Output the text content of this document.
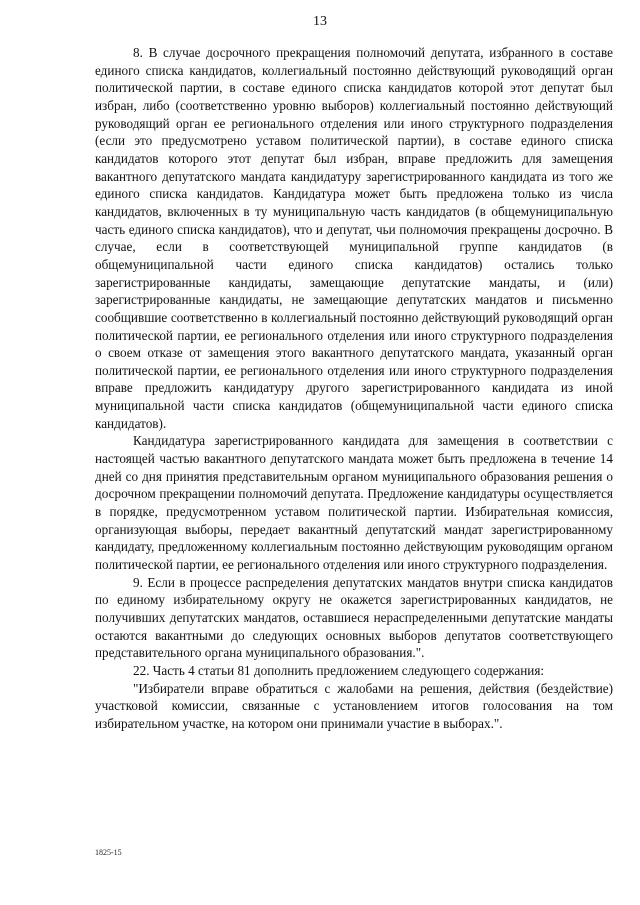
13

8. В случае досрочного прекращения полномочий депутата, избранного в составе единого списка кандидатов, коллегиальный постоянно действующий руководящий орган политической партии, в составе единого списка кандидатов которой этот депутат был избран, либо (соответственно уровню выборов) коллегиальный постоянно действующий руководящий орган ее регионального отделения или иного структурного подразделения (если это предусмотрено уставом политической партии), в составе единого списка кандидатов которого этот депутат был избран, вправе предложить для замещения вакантного депутатского мандата кандидатуру зарегистрированного кандидата из того же единого списка кандидатов. Кандидатура может быть предложена только из числа кандидатов, включенных в ту муниципальную часть кандидатов (в общемуниципальную часть единого списка кандидатов), что и депутат, чьи полномочия прекращены досрочно. В случае, если в соответствующей муниципальной группе кандидатов (в общемуниципальной части единого списка кандидатов) остались только зарегистрированные кандидаты, замещающие депутатские мандаты, и (или) зарегистрированные кандидаты, не замещающие депутатских мандатов и письменно сообщившие соответственно в коллегиальный постоянно действующий руководящий орган политической партии, ее регионального отделения или иного структурного подразделения о своем отказе от замещения этого вакантного депутатского мандата, указанный орган политической партии, ее регионального отделения или иного структурного подразделения вправе предложить кандидатуру другого зарегистрированного кандидата из иной муниципальной части списка кандидатов (общемуниципальной части единого списка кандидатов).

Кандидатура зарегистрированного кандидата для замещения в соответствии с настоящей частью вакантного депутатского мандата может быть предложена в течение 14 дней со дня принятия представительным органом муниципального образования решения о досрочном прекращении полномочий депутата. Предложение кандидатуры осуществляется в порядке, предусмотренном уставом политической партии. Избирательная комиссия, организующая выборы, передает вакантный депутатский мандат зарегистрированному кандидату, предложенному коллегиальным постоянно действующим руководящим органом политической партии, ее регионального отделения или иного структурного подразделения.

9. Если в процессе распределения депутатских мандатов внутри списка кандидатов по единому избирательному округу не окажется зарегистрированных кандидатов, не получивших депутатских мандатов, оставшиеся нераспределенными депутатские мандаты остаются вакантными до следующих основных выборов депутатов соответствующего представительного органа муниципального образования.".

22. Часть 4 статьи 81 дополнить предложением следующего содержания:

"Избиратели вправе обратиться с жалобами на решения, действия (бездействие) участковой комиссии, связанные с установлением итогов голосования на том избирательном участке, на котором они принимали участие в выборах.".

1825-15
